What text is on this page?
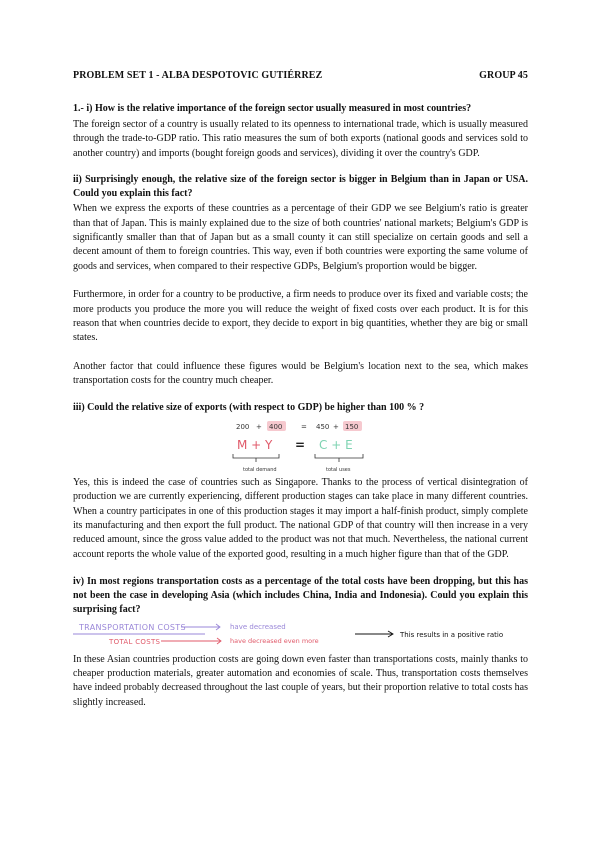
PROBLEM SET 1 - ALBA DESPOTOVIC GUTIÉRREZ	GROUP 45

1.- i) How is the relative importance of the foreign sector usually measured in most countries?

The foreign sector of a country is usually related to its openness to international trade, which is usually measured through the trade-to-GDP ratio. This ratio measures the sum of both exports (national goods and services sold to another country) and imports (bought foreign goods and services), dividing it over the country's GDP.

ii) Surprisingly enough, the relative size of the foreign sector is bigger in Belgium than in Japan or USA. Could you explain this fact?

When we express the exports of these countries as a percentage of their GDP we see Belgium's ratio is greater than that of Japan. This is mainly explained due to the size of both countries' national markets; Belgium's GDP is significantly smaller than that of Japan but as a small county it can still specialize on certain goods and sell a decent amount of them to foreign countries. This way, even if both countries were exporting the same volume of goods and services, when compared to their respective GDPs, Belgium's proportion would be bigger.

Furthermore, in order for a country to be productive, a firm needs to produce over its fixed and variable costs; the more products you produce the more you will reduce the weight of fixed costs over each product. It is for this reason that when countries decide to export, they decide to export in big quantities, whether they are big or small states.

Another factor that could influence these figures would be Belgium's location next to the sea, which makes transportation costs for the country much cheaper.

iii) Could the relative size of exports (with respect to GDP) be higher than 100 % ?

200 + 400	= 450 + 150
M + Y = C + E
total demand	total uses

Yes, this is indeed the case of countries such as Singapore. Thanks to the process of vertical disintegration of production we are currently experiencing, different production stages can take place in many different countries. When a country participates in one of this production stages it may import a half-finish product, simply complete its manufacturing and then export the full product. The national GDP of that country will then increase in a very reduced amount, since the gross value added to the product was not that much. Nevertheless, the national current account reports the whole value of the exported good, resulting in a much higher figure than that of the GDP.

iv) In most regions transportation costs as a percentage of the total costs have been dropping, but this has not been the case in developing Asia (which includes China, India and Indonesia). Could you explain this surprising fact?

TRANSPORTATION COSTS
TOTAL COSTS
have decreased
have decreased even more
This results in a positive ratio

In these Asian countries production costs are going down even faster than transportations costs, mainly thanks to cheaper production materials, greater automation and economies of scale. Thus, transportation costs themselves have indeed probably decreased throughout the last couple of years, but their proportion relative to total costs has slightly increased.
